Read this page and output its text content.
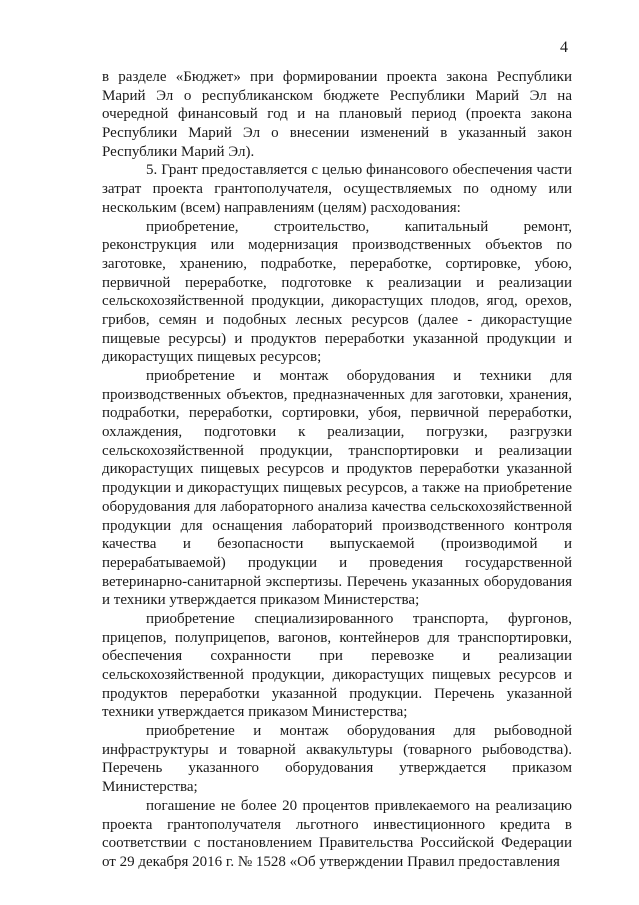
4

в разделе «Бюджет» при формировании проекта закона Республики Марий Эл о республиканском бюджете Республики Марий Эл на очередной финансовый год и на плановый период (проекта закона Республики Марий Эл о внесении изменений в указанный закон Республики Марий Эл).

5. Грант предоставляется с целью финансового обеспечения части затрат проекта грантополучателя, осуществляемых по одному или нескольким (всем) направлениям (целям) расходования:

приобретение, строительство, капитальный ремонт, реконструкция или модернизация производственных объектов по заготовке, хранению, подработке, переработке, сортировке, убою, первичной переработке, подготовке к реализации и реализации сельскохозяйственной продукции, дикорастущих плодов, ягод, орехов, грибов, семян и подобных лесных ресурсов (далее - дикорастущие пищевые ресурсы) и продуктов переработки указанной продукции и дикорастущих пищевых ресурсов;

приобретение и монтаж оборудования и техники для производственных объектов, предназначенных для заготовки, хранения, подработки, переработки, сортировки, убоя, первичной переработки, охлаждения, подготовки к реализации, погрузки, разгрузки сельскохозяйственной продукции, транспортировки и реализации дикорастущих пищевых ресурсов и продуктов переработки указанной продукции и дикорастущих пищевых ресурсов, а также на приобретение оборудования для лабораторного анализа качества сельскохозяйственной продукции для оснащения лабораторий производственного контроля качества и безопасности выпускаемой (производимой и перерабатываемой) продукции и проведения государственной ветеринарно-санитарной экспертизы. Перечень указанных оборудования и техники утверждается приказом Министерства;

приобретение специализированного транспорта, фургонов, прицепов, полуприцепов, вагонов, контейнеров для транспортировки, обеспечения сохранности при перевозке и реализации сельскохозяйственной продукции, дикорастущих пищевых ресурсов и продуктов переработки указанной продукции. Перечень указанной техники утверждается приказом Министерства;

приобретение и монтаж оборудования для рыбоводной инфраструктуры и товарной аквакультуры (товарного рыбоводства). Перечень указанного оборудования утверждается приказом Министерства;

погашение не более 20 процентов привлекаемого на реализацию проекта грантополучателя льготного инвестиционного кредита в соответствии с постановлением Правительства Российской Федерации от 29 декабря 2016 г. № 1528 «Об утверждении Правил предоставления
